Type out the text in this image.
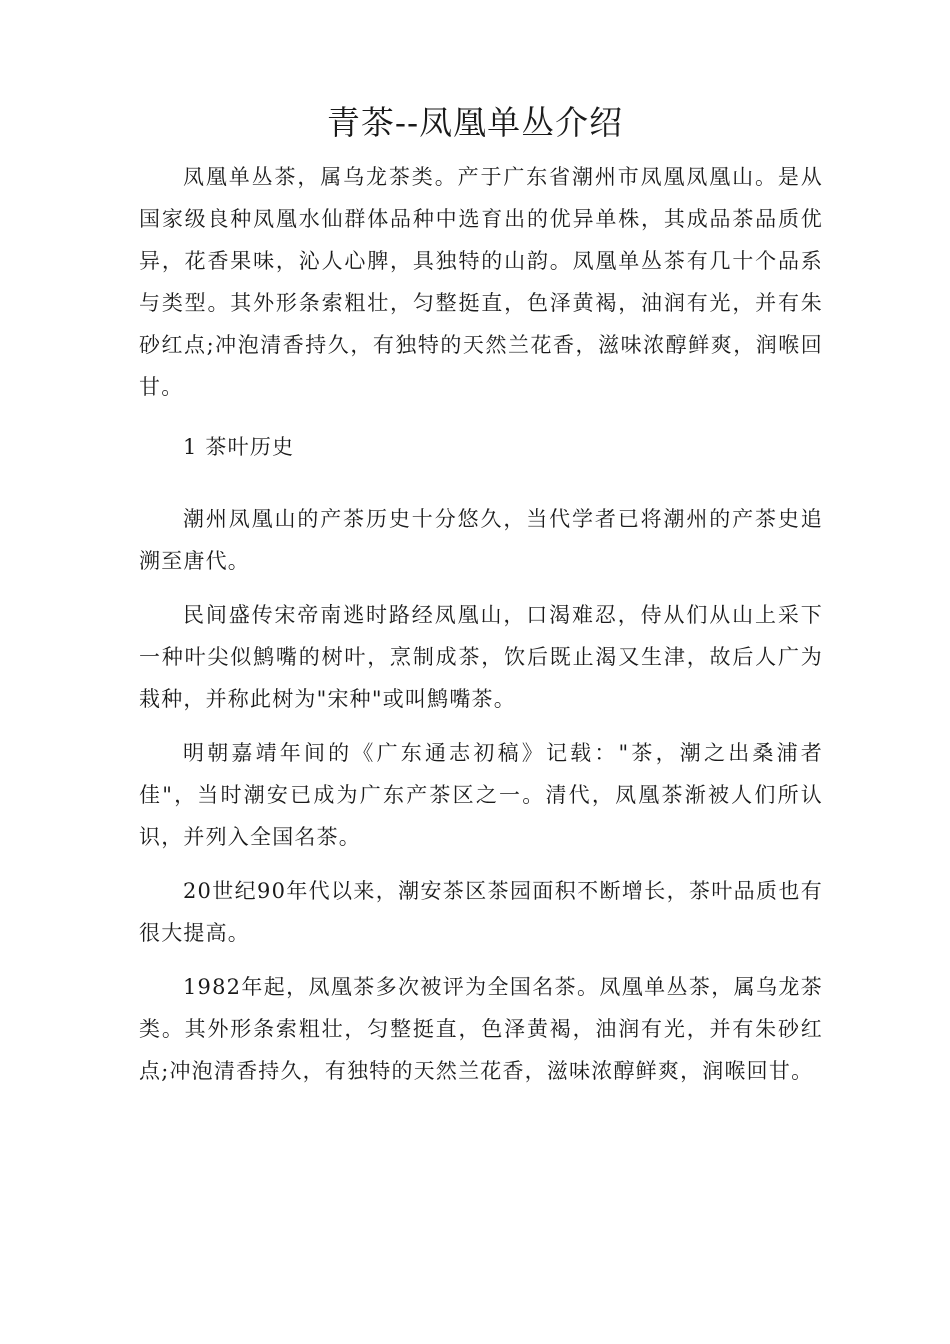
青茶--凤凰单丛介绍

凤凰单丛茶，属乌龙茶类。产于广东省潮州市凤凰凤凰山。是从国家级良种凤凰水仙群体品种中选育出的优异单株，其成品茶品质优异，花香果味，沁人心脾，具独特的山韵。凤凰单丛茶有几十个品系与类型。其外形条索粗壮，匀整挺直，色泽黄褐，油润有光，并有朱砂红点;冲泡清香持久，有独特的天然兰花香，滋味浓醇鲜爽，润喉回甘。

1 茶叶历史

潮州凤凰山的产茶历史十分悠久，当代学者已将潮州的产茶史追溯至唐代。

民间盛传宋帝南逃时路经凤凰山，口渴难忍，侍从们从山上采下一种叶尖似鹪嘴的树叶，烹制成茶，饮后既止渴又生津，故后人广为栽种，并称此树为"宋种"或叫鹪嘴茶。

明朝嘉靖年间的《广东通志初稿》记载："茶，潮之出桑浦者佳"，当时潮安已成为广东产茶区之一。清代，凤凰茶渐被人们所认识，并列入全国名茶。

20世纪90年代以来，潮安茶区茶园面积不断增长，茶叶品质也有很大提高。

1982年起，凤凰茶多次被评为全国名茶。凤凰单丛茶，属乌龙茶类。其外形条索粗壮，匀整挺直，色泽黄褐，油润有光，并有朱砂红点;冲泡清香持久，有独特的天然兰花香，滋味浓醇鲜爽，润喉回甘。
